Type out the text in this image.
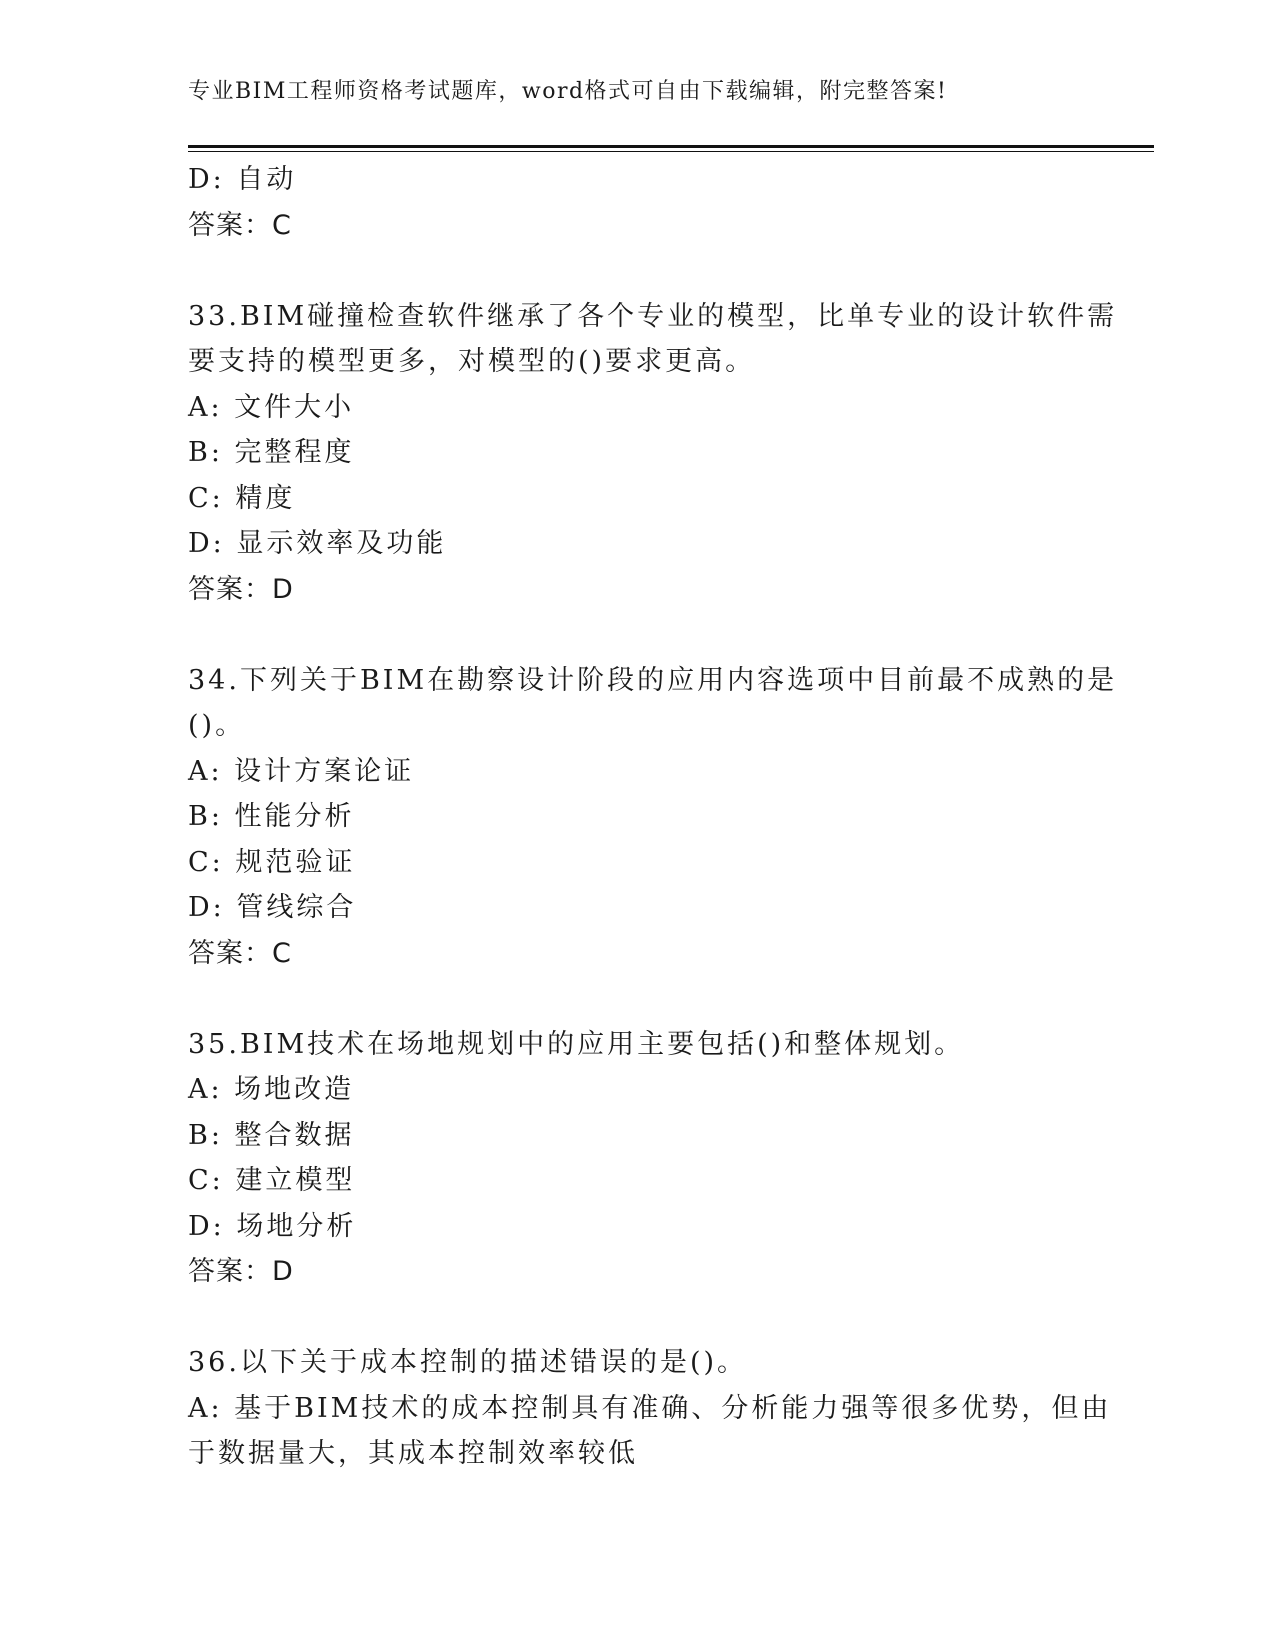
专业BIM工程师资格考试题库，word格式可自由下载编辑，附完整答案!
D: 自动
答案：C
33.BIM碰撞检查软件继承了各个专业的模型，比单专业的设计软件需
要支持的模型更多，对模型的()要求更高。
A: 文件大小
B: 完整程度
C: 精度
D: 显示效率及功能
答案：D
34.下列关于BIM在勘察设计阶段的应用内容选项中目前最不成熟的是
()。
A: 设计方案论证
B: 性能分析
C: 规范验证
D: 管线综合
答案：C
35.BIM技术在场地规划中的应用主要包括()和整体规划。
A: 场地改造
B: 整合数据
C: 建立模型
D: 场地分析
答案：D
36.以下关于成本控制的描述错误的是()。
A: 基于BIM技术的成本控制具有准确、分析能力强等很多优势，但由
于数据量大，其成本控制效率较低
